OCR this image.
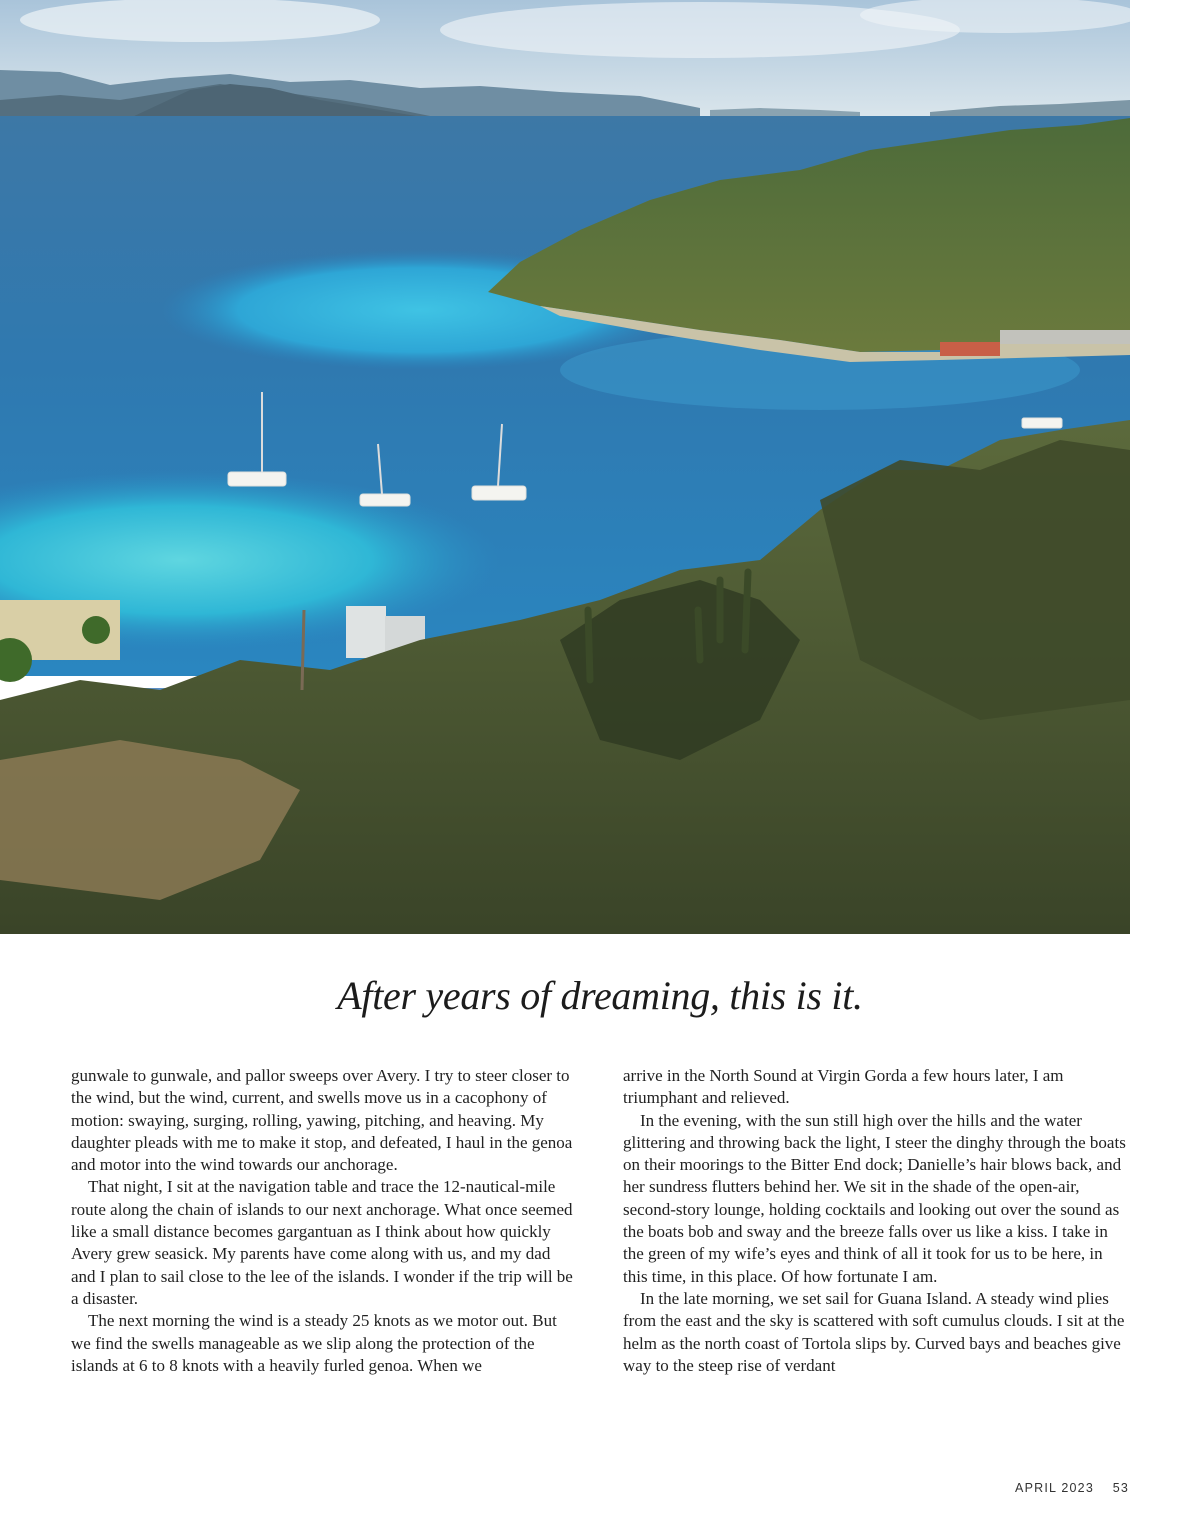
After years of dreaming, this is it.

gunwale to gunwale, and pallor sweeps over Avery. I try to steer closer to the wind, but the wind, current, and swells move us in a cacophony of motion: swaying, surging, rolling, yawing, pitching, and heaving. My daughter pleads with me to make it stop, and defeated, I haul in the genoa and motor into the wind towards our anchorage.

That night, I sit at the navigation table and trace the 12-nautical-mile route along the chain of islands to our next anchorage. What once seemed like a small distance becomes gargantuan as I think about how quickly Avery grew seasick. My parents have come along with us, and my dad and I plan to sail close to the lee of the islands. I wonder if the trip will be a disaster.

The next morning the wind is a steady 25 knots as we motor out. But we find the swells manageable as we slip along the protection of the islands at 6 to 8 knots with a heavily furled genoa. When we

arrive in the North Sound at Virgin Gorda a few hours later, I am triumphant and relieved.

In the evening, with the sun still high over the hills and the water glittering and throwing back the light, I steer the dinghy through the boats on their moorings to the Bitter End dock; Danielle’s hair blows back, and her sundress flutters behind her. We sit in the shade of the open-air, second-story lounge, holding cocktails and looking out over the sound as the boats bob and sway and the breeze falls over us like a kiss. I take in the green of my wife’s eyes and think of all it took for us to be here, in this time, in this place. Of how fortunate I am.

In the late morning, we set sail for Guana Island. A steady wind plies from the east and the sky is scattered with soft cumulus clouds. I sit at the helm as the north coast of Tortola slips by. Curved bays and beaches give way to the steep rise of verdant

APRIL 2023 53
